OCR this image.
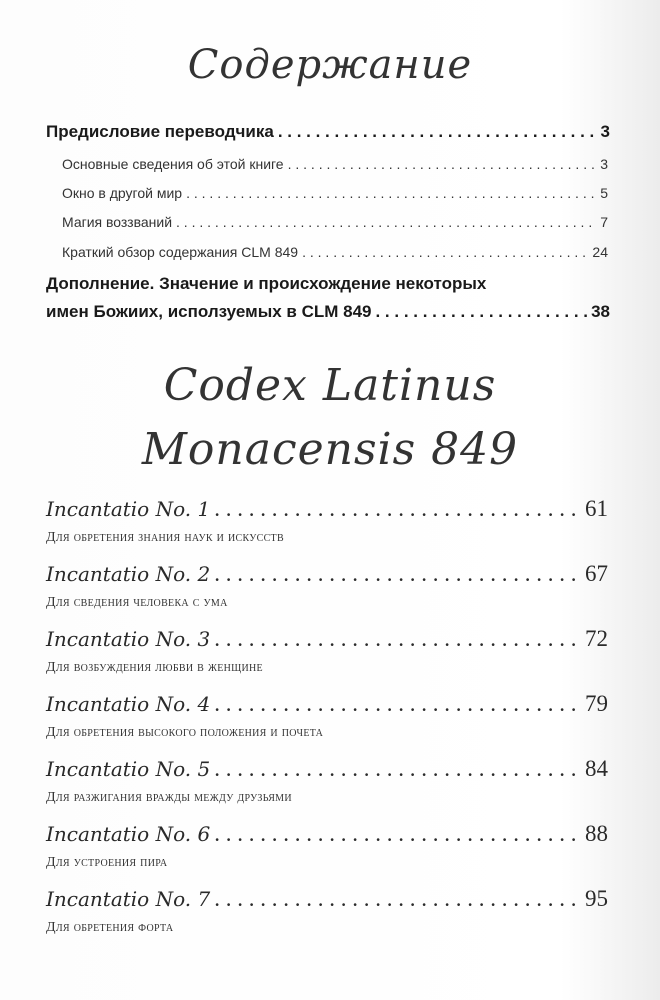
Содержание
Предисловие переводчика . . .	3
Основные сведения об этой книге . . .	3
Окно в другой мир . . .	5
Магия воззваний . . .	7
Краткий обзор содержания CLM 849 . . .	24
Дополнение. Значение и происхождение некоторых
имен Божиих, исползуемых в CLM 849 . . .	38
Codex Latinus
Monacensis 849
Incantatio No. 1 . . .	61
Для обретения знания наук и искусств
Incantatio No. 2 . . .	67
Для сведения человека с ума
Incantatio No. 3 . . .	72
Для возбуждения любви в женщине
Incantatio No. 4 . . .	79
Для обретения высокого положения и почета
Incantatio No. 5 . . .	84
Для разжигания вражды между друзьями
Incantatio No. 6 . . .	88
Для устроения пира
Incantatio No. 7 . . .	95
Для обретения форта
